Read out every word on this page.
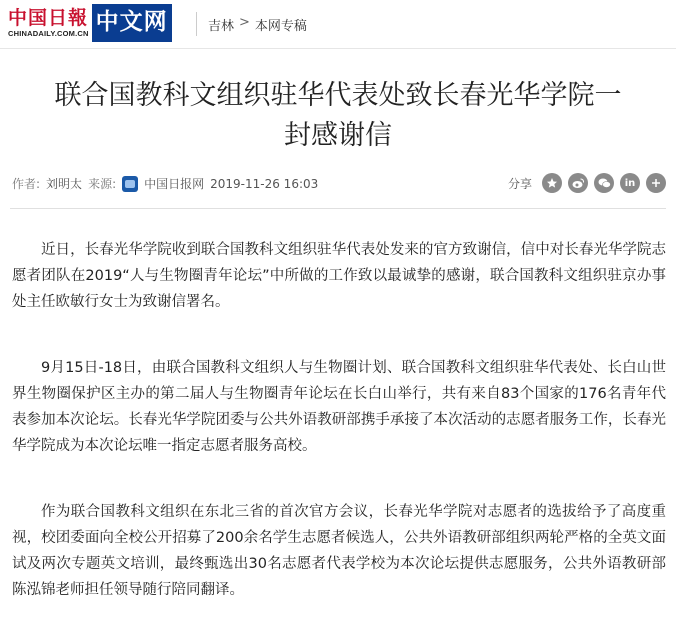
中国日報
CHINADAILY.COM.CN 中文网	吉林 > 本网专稿
联合国教科文组织驻华代表处致长春光华学院一
封感谢信
作者: 刘明太 来源: 中国日报网 2019-11-26 16:03	分享	in

近日，长春光华学院收到联合国教科文组织驻华代表处发来的官方致谢信，信中对长春光华学院志愿者团队在2019“人与生物圈青年论坛”中所做的工作致以最诚挚的感谢，联合国教科文组织驻京办事处主任欧敏行女士为致谢信署名。

9月15日-18日，由联合国教科文组织人与生物圈计划、联合国教科文组织驻华代表处、长白山世界生物圈保护区主办的第二届人与生物圈青年论坛在长白山举行，共有来自83个国家的176名青年代表参加本次论坛。长春光华学院团委与公共外语教研部携手承接了本次活动的志愿者服务工作，长春光华学院成为本次论坛唯一指定志愿者服务高校。

作为联合国教科文组织在东北三省的首次官方会议，长春光华学院对志愿者的选拔给予了高度重视，校团委面向全校公开招募了200余名学生志愿者候选人，公共外语教研部组织两轮严格的全英文面试及两次专题英文培训，最终甄选出30名志愿者代表学校为本次论坛提供志愿服务，公共外语教研部陈泓锦老师担任领导随行陪同翻译。
